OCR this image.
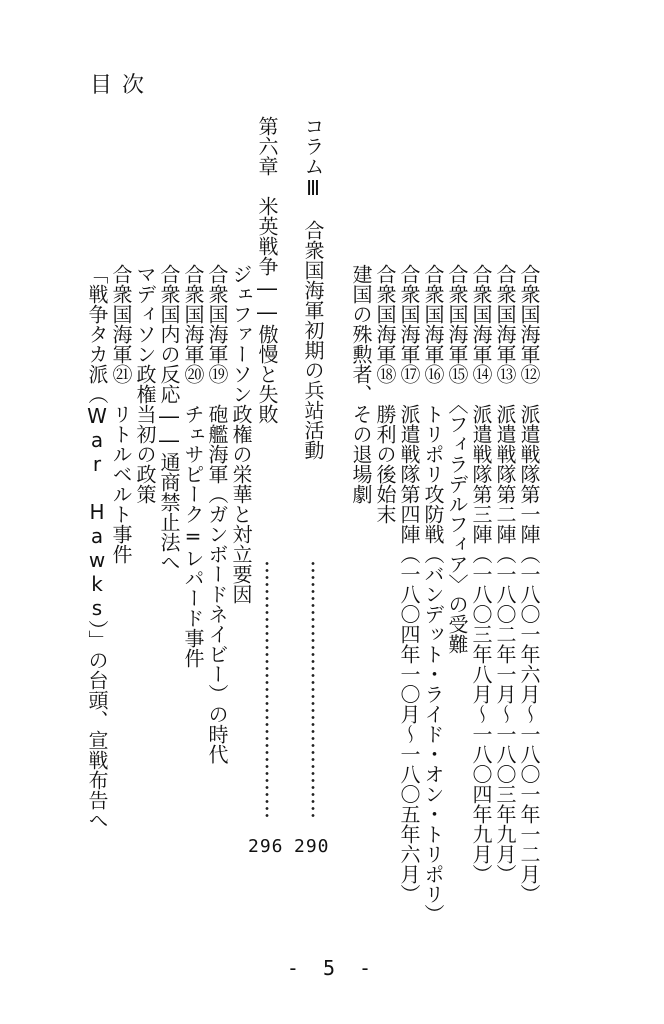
目次
合衆国海軍⑫　派遣戦隊第一陣（一八〇一年六月～一八〇一年一二月）
合衆国海軍⑬　派遣戦隊第二陣（一八〇二年一月～一八〇三年九月）
合衆国海軍⑭　派遣戦隊第三陣（一八〇三年八月～一八〇四年九月）
合衆国海軍⑮　〈フィラデルフィア〉の受難
合衆国海軍⑯　トリポリ攻防戦（バンデット・ライド・オン・トリポリ）
合衆国海軍⑰　派遣戦隊第四陣（一八〇四年一〇月～一八〇五年六月）
合衆国海軍⑱　勝利の後始末
建国の殊勲者、その退場劇
コラムⅢ　合衆国海軍初期の兵站活動
290
第六章　米英戦争――傲慢と失敗
296
ジェファーソン政権の栄華と対立要因
合衆国海軍⑲　砲艦海軍（ガンボードネイビー）の時代
合衆国海軍⑳　チェサピーク=レパード事件
合衆国内の反応――通商禁止法へ
マディソン政権当初の政策
合衆国海軍㉑　リトルベルト事件
「戦争タカ派（War Hawks）」の台頭、宣戦布告へ
- 5 -
